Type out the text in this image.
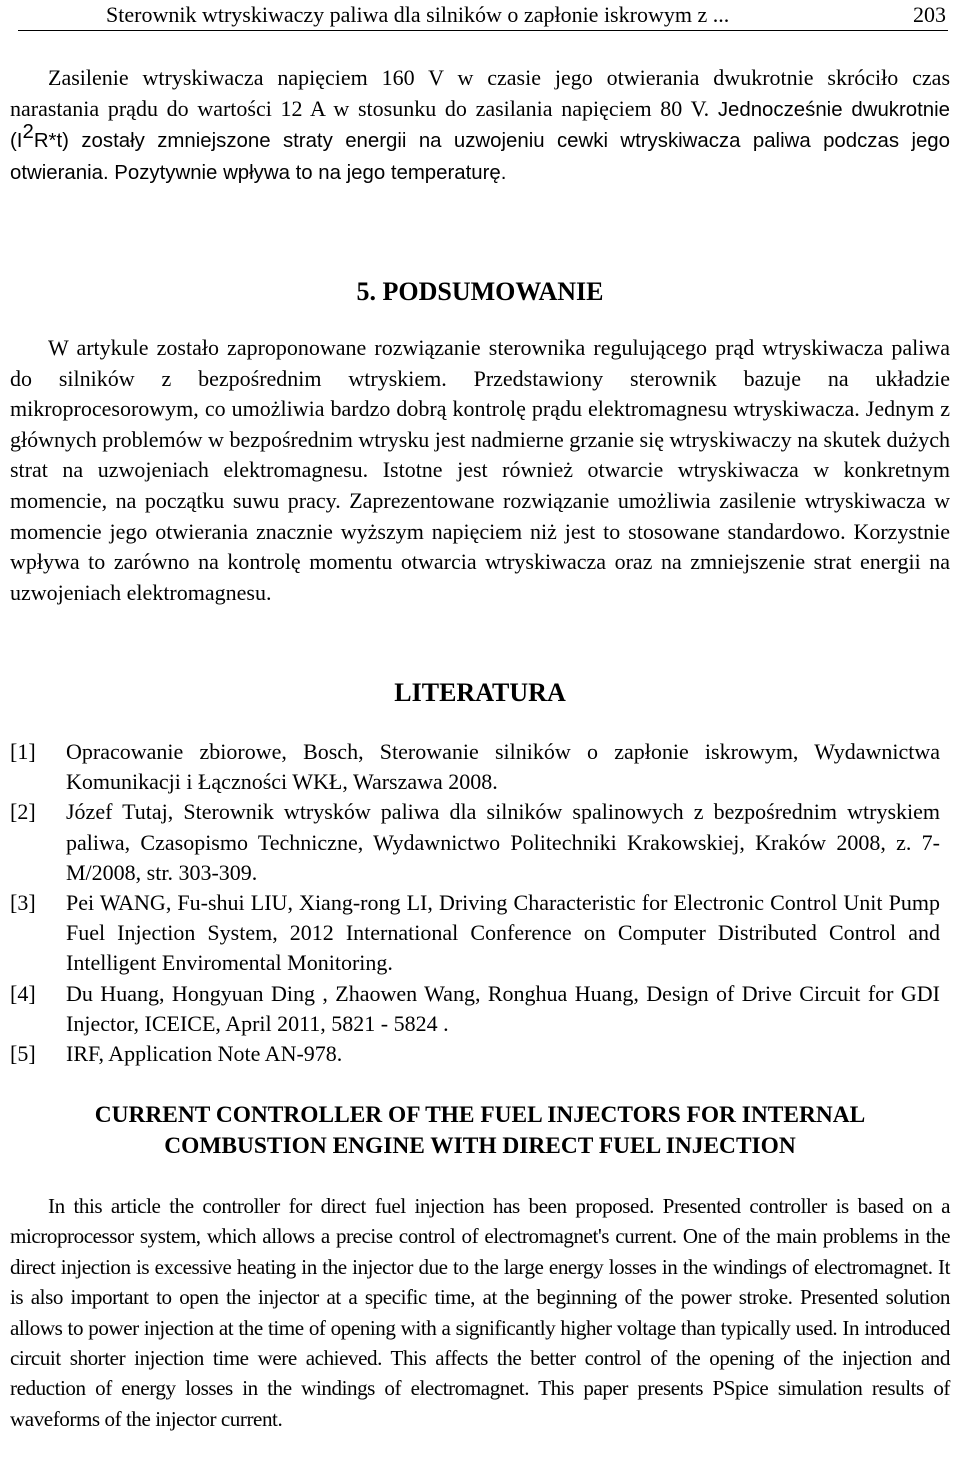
Sterownik wtryskiwaczy paliwa dla silników o zapłonie iskrowym z ...	203

Zasilenie wtryskiwacza napięciem 160 V w czasie jego otwierania dwukrotnie skróciło czas narastania prądu do wartości 12 A w stosunku do zasilania napięciem 80 V. Jednocześnie dwukrotnie $(I^2R*t)$ zostały zmniejszone straty energii na uzwojeniu cewki wtryskiwacza paliwa podczas jego otwierania. Pozytywnie wpływa to na jego temperaturę.

5. PODSUMOWANIE

W artykule zostało zaproponowane rozwiązanie sterownika regulującego prąd wtryskiwacza paliwa do silników z bezpośrednim wtryskiem. Przedstawiony sterownik bazuje na układzie mikroprocesorowym, co umożliwia bardzo dobrą kontrolę prądu elektromagnesu wtryskiwacza. Jednym z głównych problemów w bezpośrednim wtrysku jest nadmierne grzanie się wtryskiwaczy na skutek dużych strat na uzwojeniach elektromagnesu. Istotne jest również otwarcie wtryskiwacza w konkretnym momencie, na początku suwu pracy. Zaprezentowane rozwiązanie umożliwia zasilenie wtryskiwacza w momencie jego otwierania znacznie wyższym napięciem niż jest to stosowane standardowo. Korzystnie wpływa to zarówno na kontrolę momentu otwarcia wtryskiwacza oraz na zmniejszenie strat energii na uzwojeniach elektromagnesu.

LITERATURA
[1] Opracowanie zbiorowe, Bosch, Sterowanie silników o zapłonie iskrowym, Wydawnictwa Komunikacji i Łączności WKŁ, Warszawa 2008.
[2] Józef Tutaj, Sterownik wtrysków paliwa dla silników spalinowych z bezpośrednim wtryskiem paliwa, Czasopismo Techniczne, Wydawnictwo Politechniki Krakowskiej, Kraków 2008, z. 7-M/2008, str. 303-309.
[3] Pei WANG, Fu-shui LIU, Xiang-rong LI, Driving Characteristic for Electronic Control Unit Pump Fuel Injection System, 2012 International Conference on Computer Distributed Control and Intelligent Enviromental Monitoring.
[4] Du Huang, Hongyuan Ding , Zhaowen Wang, Ronghua Huang, Design of Drive Circuit for GDI Injector, ICEICE, April 2011, 5821 - 5824 .
[5] IRF, Application Note AN-978.
CURRENT CONTROLLER OF THE FUEL INJECTORS FOR INTERNAL
COMBUSTION ENGINE WITH DIRECT FUEL INJECTION

In this article the controller for direct fuel injection has been proposed. Presented controller is based on a microprocessor system, which allows a precise control of electromagnet's current. One of the main problems in the direct injection is excessive heating in the injector due to the large energy losses in the windings of electromagnet. It is also important to open the injector at a specific time, at the beginning of the power stroke. Presented solution allows to power injection at the time of opening with a significantly higher voltage than typically used. In introduced circuit shorter injection time were achieved. This affects the better control of the opening of the injection and reduction of energy losses in the windings of electromagnet. This paper presents PSpice simulation results of waveforms of the injector current.
